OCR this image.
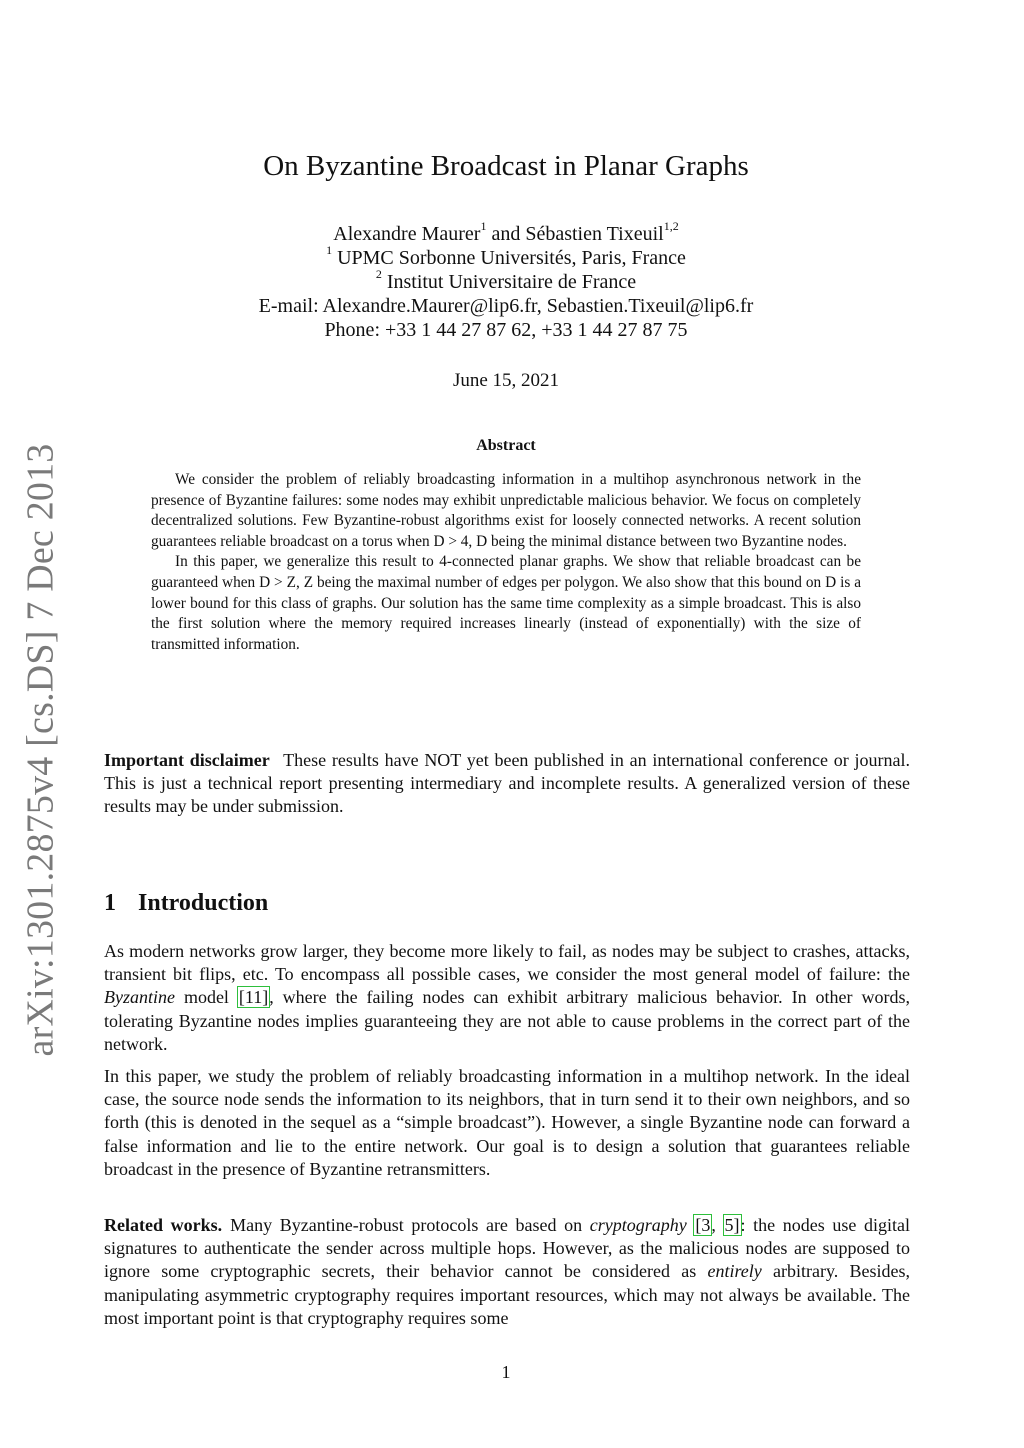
arXiv:1301.2875v4 [cs.DS] 7 Dec 2013
On Byzantine Broadcast in Planar Graphs
Alexandre Maurer$^1$ and Sébastien Tixeuil$^{1,2}$
$^1$ UPMC Sorbonne Universités, Paris, France
$^2$ Institut Universitaire de France
E-mail: Alexandre.Maurer@lip6.fr, Sebastien.Tixeuil@lip6.fr
Phone: +33 1 44 27 87 62, +33 1 44 27 87 75
June 15, 2021
Abstract

We consider the problem of reliably broadcasting information in a multihop asynchronous network in the presence of Byzantine failures: some nodes may exhibit unpredictable malicious behavior. We focus on completely decentralized solutions. Few Byzantine-robust algorithms exist for loosely connected networks. A recent solution guarantees reliable broadcast on a torus when D > 4, D being the minimal distance between two Byzantine nodes.

In this paper, we generalize this result to 4-connected planar graphs. We show that reliable broadcast can be guaranteed when D > Z, Z being the maximal number of edges per polygon. We also show that this bound on D is a lower bound for this class of graphs. Our solution has the same time complexity as a simple broadcast. This is also the first solution where the memory required increases linearly (instead of exponentially) with the size of transmitted information.

Important disclaimer These results have NOT yet been published in an international conference or journal. This is just a technical report presenting intermediary and incomplete results. A generalized version of these results may be under submission.

1 Introduction

As modern networks grow larger, they become more likely to fail, as nodes may be subject to crashes, attacks, transient bit flips, etc. To encompass all possible cases, we consider the most general model of failure: the Byzantine model [11], where the failing nodes can exhibit arbitrary malicious behavior. In other words, tolerating Byzantine nodes implies guaranteeing they are not able to cause problems in the correct part of the network.

In this paper, we study the problem of reliably broadcasting information in a multihop network. In the ideal case, the source node sends the information to its neighbors, that in turn send it to their own neighbors, and so forth (this is denoted in the sequel as a “simple broadcast”). However, a single Byzantine node can forward a false information and lie to the entire network. Our goal is to design a solution that guarantees reliable broadcast in the presence of Byzantine retransmitters.

Related works. Many Byzantine-robust protocols are based on cryptography [3, 5]: the nodes use digital signatures to authenticate the sender across multiple hops. However, as the malicious nodes are supposed to ignore some cryptographic secrets, their behavior cannot be considered as entirely arbitrary. Besides, manipulating asymmetric cryptography requires important resources, which may not always be available. The most important point is that cryptography requires some

1
